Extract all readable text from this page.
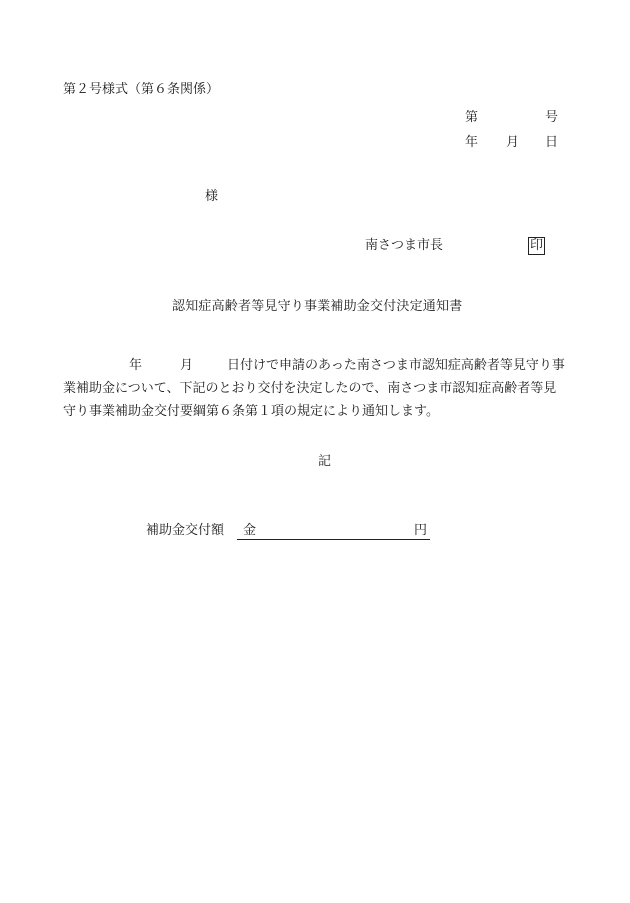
第２号様式（第６条関係）
第	号
年 月 日
様
南さつま市長	印
認知症高齢者等見守り事業補助金交付決定通知書
年	月	日付けで申請のあった南さつま市認知症高齢者等見守り事
業補助金について、下記のとおり交付を決定したので、南さつま市認知症高齢者等見
守り事業補助金交付要綱第６条第１項の規定により通知します。
記
補助金交付額 金	円
